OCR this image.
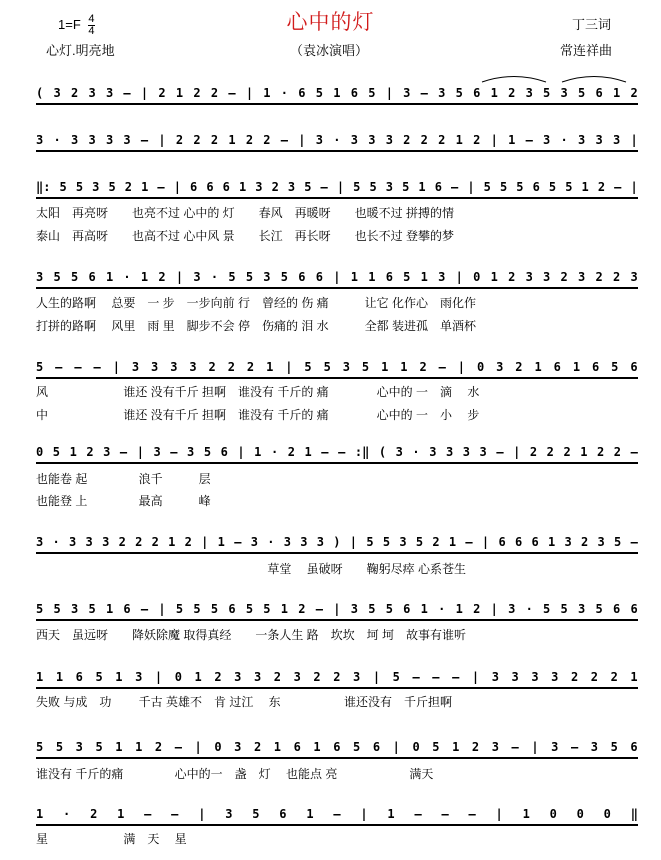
$1=F \frac{4}{4}$	心中的灯	丁三词
心灯.明亮地	（袁冰演唱）	常连祥曲
( 3 2 3 3 – | 2 1 2 2 – | 1 · 6 5 1 6 5 | 3 – 3 5 6 1 2 3 5 3 5 6 1 2
3 · 3 3 3 3 – | 2 2 2 1 2 2 – | 3 · 3 3 3 2 2 2 1 2 | 1 – 3 · 3 3 3 |
‖: 5 5 3 5 2 1 – | 6 6 6 1 3 2 3 5 – | 5 5 3 5 1 6 – | 5 5 5 6 5 5 1 2 – |
太阳　再亮呀　　也亮不过 心中的 灯　　春风　再暖呀　　也暖不过 拼搏的情
泰山　再高呀　　也高不过 心中风 景　　长江　再长呀　　也长不过 登攀的梦
3 5 5 6 1 · 1 2 | 3 · 5 5 3 5 6 6 | 1 1 6 5 1 3 | 0 1 2 3 3 2 3 2 2 3
人生的路啊　 总要　一 步　一步向前 行　曾经的 伤 痛　　　让它 化作心　雨化作
打拼的路啊　 风里　雨 里　脚步不会 停　伤痛的 泪 水　　　全都 装进孤　单酒杯
5 – – – | 3 3 3 3 2 2 2 1 | 5 5 3 5 1 1 2 – | 0 3 2 1 6 1 6 5 6
风　　　　　　 谁还 没有千斤 担啊　谁没有 千斤的 痛　　　　心中的 一　滴　 水
中　　　　　　 谁还 没有千斤 担啊　谁没有 千斤的 痛　　　　心中的 一　小　 步
0 5 1 2 3 – | 3 – 3 5 6 | 1 · 2 1 – – :‖ ( 3 · 3 3 3 3 – | 2 2 2 1 2 2 –
也能卷 起　　　　 浪千　　　层
也能登 上　　　　 最高　　　峰
3 · 3 3 3 2 2 2 1 2 | 1 – 3 · 3 3 3 ) | 5 5 3 5 2 1 – | 6 6 6 1 3 2 3 5 –
　　　　　　　　　　　　　　　　　　　 草堂　 虽破呀　　鞠躬尽瘁 心系苍生
5 5 3 5 1 6 – | 5 5 5 6 5 5 1 2 – | 3 5 5 6 1 · 1 2 | 3 · 5 5 3 5 6 6
西天　虽远呀　　降妖除魔 取得真经　　一条人生 路　坎坎　坷 坷　故事有谁听
1 1 6 5 1 3 | 0 1 2 3 3 2 3 2 2 3 | 5 – – – | 3 3 3 3 2 2 2 1
失败 与成　功　　 千古 英雄不　肯 过江　 东　　　　　 谁还没有　千斤担啊
5 5 3 5 1 1 2 – | 0 3 2 1 6 1 6 5 6 | 0 5 1 2 3 – | 3 – 3 5 6
谁没有 千斤的痛　　　　 心中的一　盏　灯　 也能点 亮　　　　　　满天
1 · 2 1 – – | 3 5 6 1 – | 1 – – – | 1 0 0 0 ‖
星　　　　　　 满　天　 星
